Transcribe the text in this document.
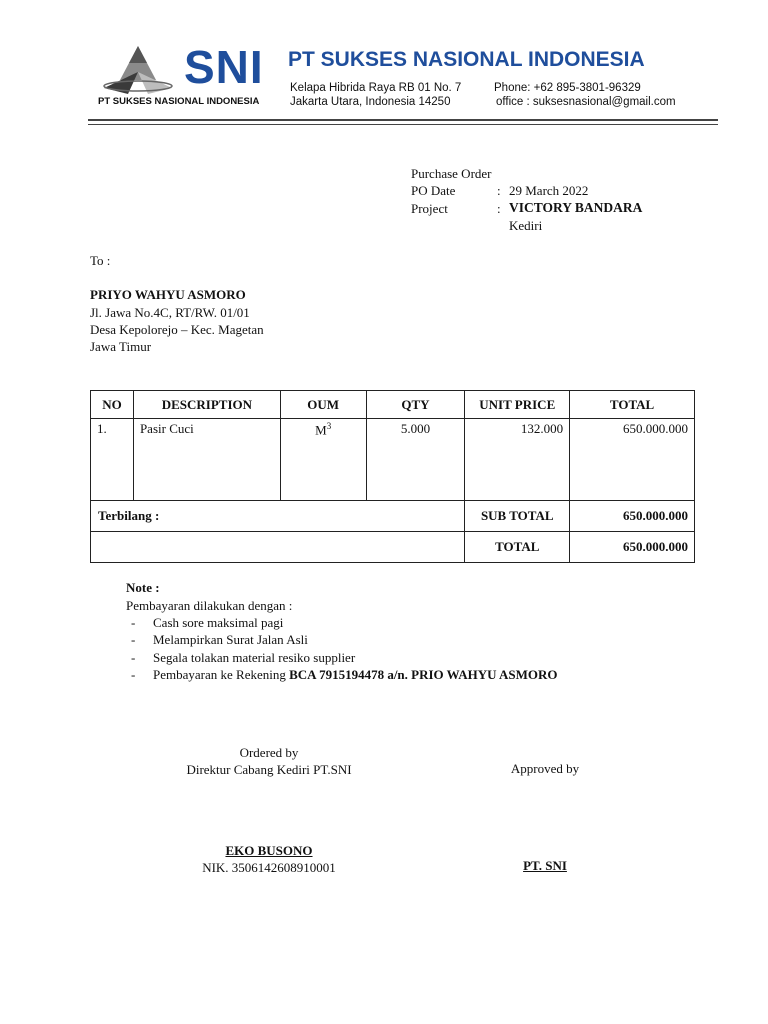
SNI
PT SUKSES NASIONAL INDONESIA
PT SUKSES NASIONAL INDONESIA
Kelapa Hibrida Raya RB 01 No. 7
Jakarta Utara, Indonesia 14250
Phone: +62 895-3801-96329
office : suksesnasional@gmail.com
Purchase Order
PO Date	: 29 March 2022
Project	: VICTORY BANDARA
Kediri
To :
PRIYO WAHYU ASMORO
Jl. Jawa No.4C, RT/RW. 01/01
Desa Kepolorejo – Kec. Magetan
Jawa Timur
NO	DESCRIPTION	OUM	QTY	UNIT PRICE	TOTAL
1.	Pasir Cuci	$M^3$	5.000	132.000	650.000.000
Terbilang :				SUB TOTAL	650.000.000
				TOTAL	650.000.000
Note :
Pembayaran dilakukan dengan :
- Cash sore maksimal pagi
- Melampirkan Surat Jalan Asli
- Segala tolakan material resiko supplier
- Pembayaran ke Rekening BCA 7915194478 a/n. PRIO WAHYU ASMORO
Ordered by
Direktur Cabang Kediri PT.SNI	Approved by
EKO BUSONO
NIK. 3506142608910001	PT. SNI
